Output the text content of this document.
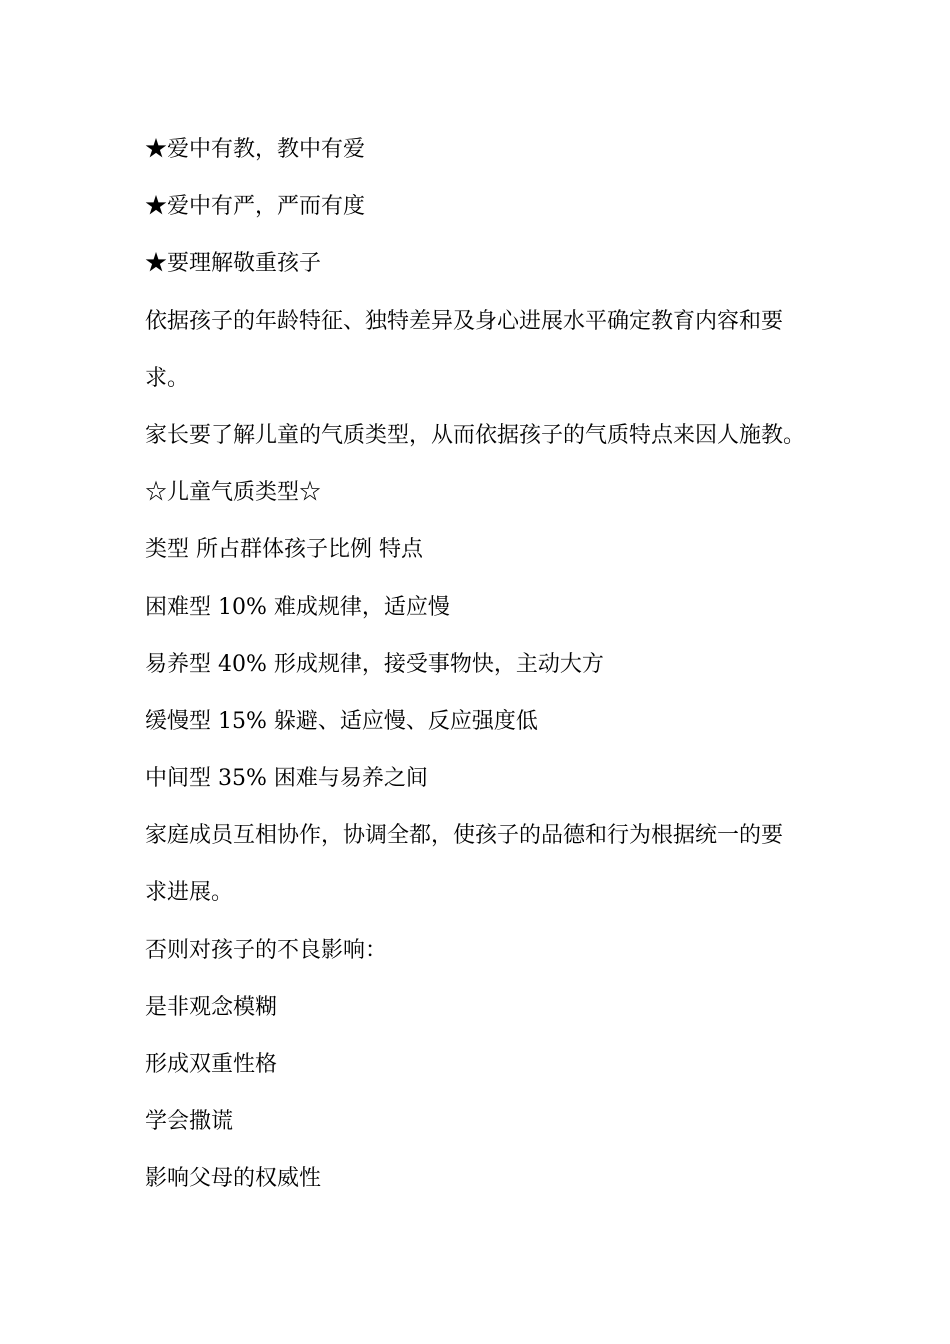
★爱中有教，教中有爱

★爱中有严，严而有度

★要理解敬重孩子

依据孩子的年龄特征、独特差异及身心进展水平确定教育内容和要

求。

家长要了解儿童的气质类型，从而依据孩子的气质特点来因人施教。

☆儿童气质类型☆

类型 所占群体孩子比例 特点

困难型 10% 难成规律，适应慢

易养型 40% 形成规律，接受事物快，主动大方

缓慢型 15% 躲避、适应慢、反应强度低

中间型 35% 困难与易养之间

家庭成员互相协作，协调全都，使孩子的品德和行为根据统一的要

求进展。

否则对孩子的不良影响：

是非观念模糊

形成双重性格

学会撒谎

影响父母的权威性
